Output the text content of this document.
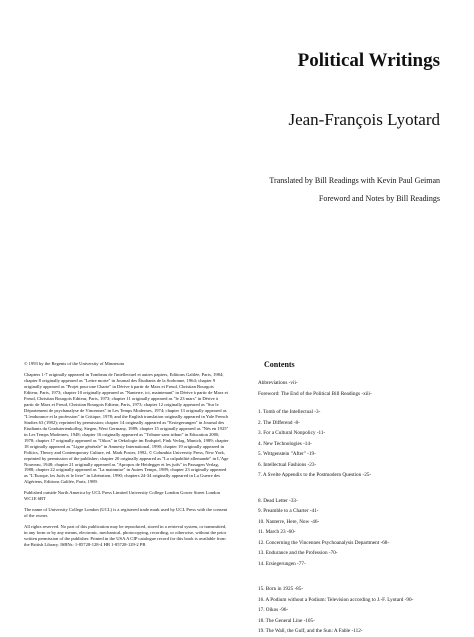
Political Writings
Jean-François Lyotard
Translated by Bill Readings with Kevin Paul Geiman
Foreword and Notes by Bill Readings

© 1993 by the Regents of the University of Minnesota

Chapters 1-7 originally appeared in Tombeau de l'intellectuel et autres papiers, Editions Galilée, Paris, 1984; chapter 8 originally appeared as "Lettre morte" in Journal des Étudiants de la Sorbonne, 1964; chapter 9 originally appeared as "Projet pour une Charte" in Dérive à partir de Marx et Freud, Christian Bourgois Editeur, Paris, 1973; chapter 10 originally appeared as "Nanterre, ici, maintenant" in Dérive à partir de Marx et Freud, Christian Bourgois Editeur, Paris, 1973; chapter 11 originally appeared as "le 23 mars" in Dérive à partir de Marx et Freud, Christian Bourgois Editeur, Paris, 1973; chapter 12 originally appeared as "Sur le Département de psychanalyse de Vincennes" in Les Temps Modernes, 1974; chapter 13 originally appeared as "L'endurance et la profession" in Critique, 1978; and the English translation originally appeared in Yale French Studies 63 (1982); reprinted by permission; chapter 14 originally appeared as "Ersiegerungen" in Journal des Etudiants du Graduiertenkolleg, Siegen, West Germany, 1989; chapter 15 originally appeared as "Nés en 1925" in Les Temps Modernes, 1948; chapter 16 originally appeared as "Tribune sans tribun" in Education 2000, 1978; chapter 17 originally appeared as "Oikos" in Oekologie im Endspiel, Fink Verlag, Munich, 1989; chapter 18 originally appeared as "Ligne générale" in Amnesty International, 1990; chapter 19 originally appeared in Politics, Theory and Contemporary Culture, ed. Mark Poster, 1992, © Columbia University Press, New York, reprinted by permission of the publisher; chapter 20 originally appeared as "La culpabilité allemande" in L'Age Nouveau, 1948; chapter 21 originally appeared as "Apropos de Heidegger et les juifs" in Passagen Verlag, 1988; chapter 22 originally appeared as "La mainmise" in Autres Temps, 1989; chapter 23 originally appeared as "L'Europe, les Juifs et le livre" in Libération, 1990; chapters 24-34 originally appeared in La Guerre des Algériens, Editions Galilée, Paris, 1989.

Published outside North America by UCL Press Limited University College London Gower Street London WC1E 6BT

The name of University College London (UCL) is a registered trade mark used by UCL Press with the consent of the owner.

All rights reserved. No part of this publication may be reproduced, stored in a retrieval system, or transmitted, in any form or by any means, electronic, mechanical, photocopying, recording, or otherwise, without the prior written permission of the publisher. Printed in the USA A CIP catalogue record for this book is available from the British Library. ISBNs: 1-85728-128-4 HB 1-85728-129-2 PB

Contents
Abbreviations -vii-
Foreword: The End of the Political Bill Readings -xiii-
1. Tomb of the Intellectual -3-
2. The Differend -8-
3. For a Cultural Nonpolicy -11-
4. New Technologies -14-
5. Wittgenstein "After" -19-
6. Intellectual Fashions -23-
7. A Svelte Appendix to the Postmodern Question -25-
8. Dead Letter -33-
9. Preamble to a Charter -41-
10. Nanterre, Here, Now -46-
11. March 23 -60-
12. Concerning the Vincennes Psychoanalysis Department -68-
13. Endurance and the Profession -70-
14. Ersiegerungen -77-
15. Born in 1925 -85-
16. A Podium without a Podium: Television according to J.-F. Lyotard -90-
17. Oikos -96-
18. The General Line -105-
19. The Wall, the Gulf, and the Sun: A Fable -112-
